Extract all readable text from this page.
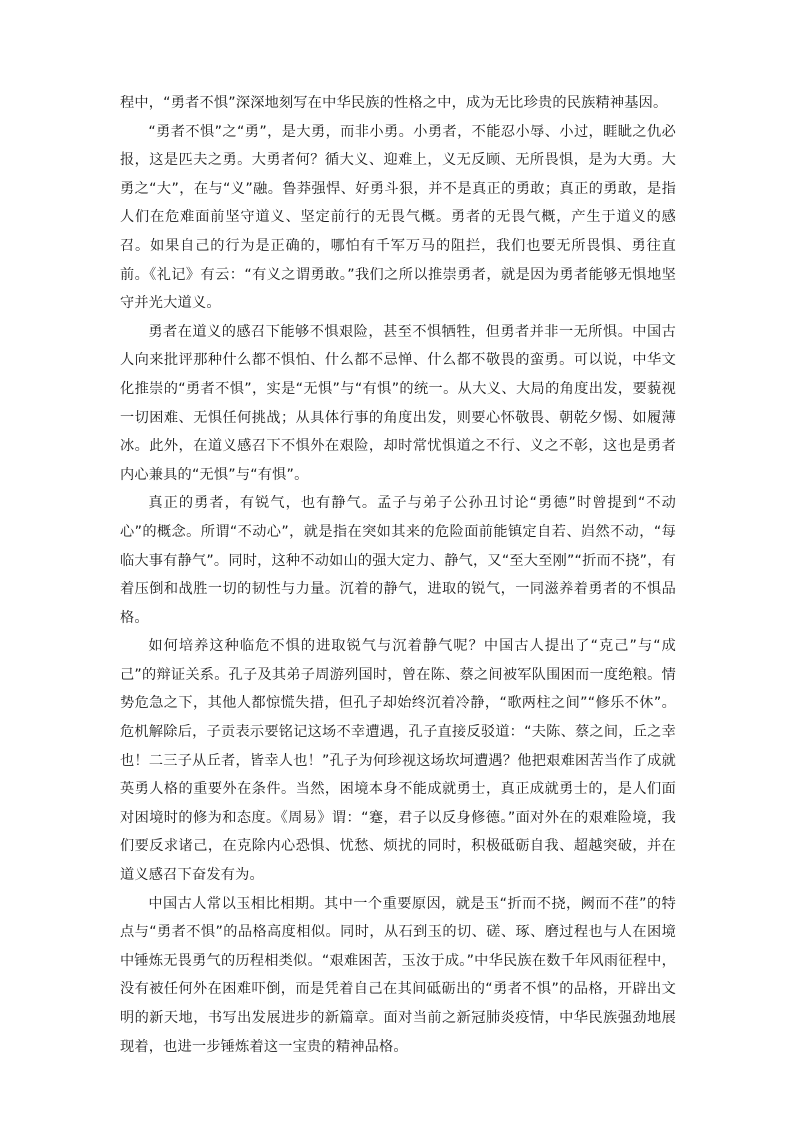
程中，“勇者不惧”深深地刻写在中华民族的性格之中，成为无比珍贵的民族精神基因。

“勇者不惧”之“勇”，是大勇，而非小勇。小勇者，不能忍小辱、小过，睚眦之仇必报，这是匹夫之勇。大勇者何？循大义、迎难上，义无反顾、无所畏惧，是为大勇。大勇之“大”，在与“义”融。鲁莽强悍、好勇斗狠，并不是真正的勇敢；真正的勇敢，是指人们在危难面前坚守道义、坚定前行的无畏气概。勇者的无畏气概，产生于道义的感召。如果自己的行为是正确的，哪怕有千军万马的阻拦，我们也要无所畏惧、勇往直前。《礼记》有云：“有义之谓勇敢。”我们之所以推崇勇者，就是因为勇者能够无惧地坚守并光大道义。

勇者在道义的感召下能够不惧艰险，甚至不惧牺牲，但勇者并非一无所惧。中国古人向来批评那种什么都不惧怕、什么都不忌惮、什么都不敬畏的蛮勇。可以说，中华文化推崇的“勇者不惧”，实是“无惧”与“有惧”的统一。从大义、大局的角度出发，要藐视一切困难、无惧任何挑战；从具体行事的角度出发，则要心怀敬畏、朝乾夕惕、如履薄冰。此外，在道义感召下不惧外在艰险，却时常忧惧道之不行、义之不彰，这也是勇者内心兼具的“无惧”与“有惧”。

真正的勇者，有锐气，也有静气。孟子与弟子公孙丑讨论“勇德”时曾提到“不动心”的概念。所谓“不动心”，就是指在突如其来的危险面前能镇定自若、岿然不动，“每临大事有静气”。同时，这种不动如山的强大定力、静气，又“至大至刚”“折而不挠”，有着压倒和战胜一切的韧性与力量。沉着的静气，进取的锐气，一同滋养着勇者的不惧品格。

如何培养这种临危不惧的进取锐气与沉着静气呢？中国古人提出了“克己”与“成己”的辩证关系。孔子及其弟子周游列国时，曾在陈、蔡之间被军队围困而一度绝粮。情势危急之下，其他人都惊慌失措，但孔子却始终沉着冷静，“歌两柱之间”“修乐不休”。危机解除后，子贡表示要铭记这场不幸遭遇，孔子直接反驳道：“夫陈、蔡之间，丘之幸也！二三子从丘者，皆幸人也！”孔子为何珍视这场坎坷遭遇？他把艰难困苦当作了成就英勇人格的重要外在条件。当然，困境本身不能成就勇士，真正成就勇士的，是人们面对困境时的修为和态度。《周易》谓：“蹇，君子以反身修德。”面对外在的艰难险境，我们要反求诸己，在克除内心恐惧、忧愁、烦扰的同时，积极砥砺自我、超越突破，并在道义感召下奋发有为。

中国古人常以玉相比相期。其中一个重要原因，就是玉“折而不挠，阙而不荏”的特点与“勇者不惧”的品格高度相似。同时，从石到玉的切、磋、琢、磨过程也与人在困境中锤炼无畏勇气的历程相类似。“艰难困苦，玉汝于成。”中华民族在数千年风雨征程中，没有被任何外在困难吓倒，而是凭着自己在其间砥砺出的“勇者不惧”的品格，开辟出文明的新天地，书写出发展进步的新篇章。面对当前之新冠肺炎疫情，中华民族强劲地展现着，也进一步锤炼着这一宝贵的精神品格。
